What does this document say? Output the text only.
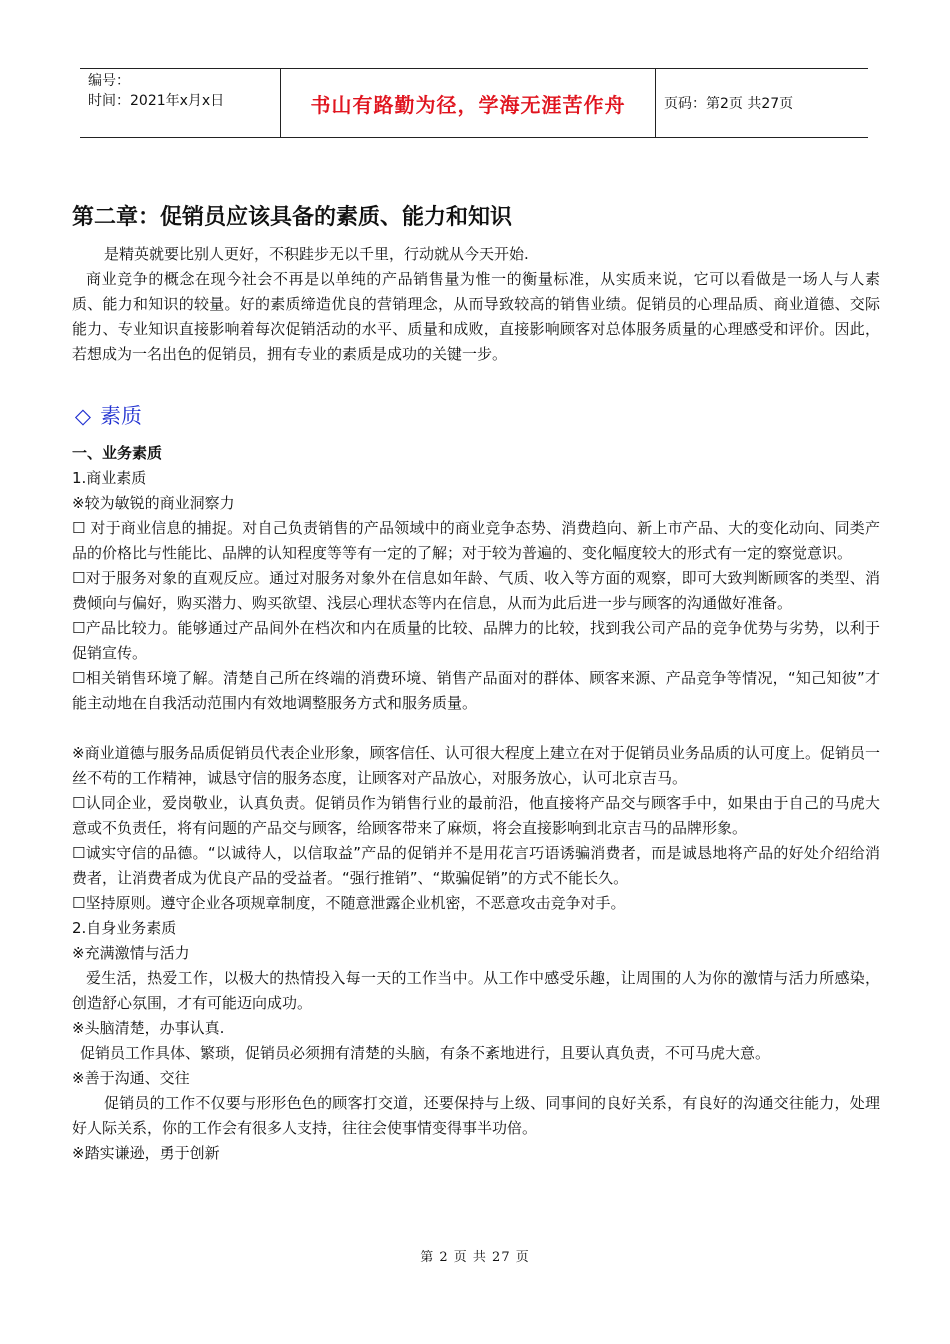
编号：
时间：2021年x月x日	书山有路勤为径，学海无涯苦作舟	页码：第2页 共27页
第二章：促销员应该具备的素质、能力和知识

是精英就要比别人更好，不积跬步无以千里，行动就从今天开始.

商业竞争的概念在现今社会不再是以单纯的产品销售量为惟一的衡量标准，从实质来说，它可以看做是一场人与人素质、能力和知识的较量。好的素质缔造优良的营销理念，从而导致较高的销售业绩。促销员的心理品质、商业道德、交际能力、专业知识直接影响着每次促销活动的水平、质量和成败，直接影响顾客对总体服务质量的心理感受和评价。因此，若想成为一名出色的促销员，拥有专业的素质是成功的关键一步。

◇ 素质

一、业务素质

1.商业素质

※较为敏锐的商业洞察力

☐ 对于商业信息的捕捉。对自己负责销售的产品领域中的商业竞争态势、消费趋向、新上市产品、大的变化动向、同类产品的价格比与性能比、品牌的认知程度等等有一定的了解；对于较为普遍的、变化幅度较大的形式有一定的察觉意识。

☐对于服务对象的直观反应。通过对服务对象外在信息如年龄、气质、收入等方面的观察，即可大致判断顾客的类型、消费倾向与偏好，购买潜力、购买欲望、浅层心理状态等内在信息，从而为此后进一步与顾客的沟通做好准备。

☐产品比较力。能够通过产品间外在档次和内在质量的比较、品牌力的比较，找到我公司产品的竞争优势与劣势，以利于促销宣传。

☐相关销售环境了解。清楚自己所在终端的消费环境、销售产品面对的群体、顾客来源、产品竞争等情况，“知己知彼”才能主动地在自我活动范围内有效地调整服务方式和服务质量。

※商业道德与服务品质促销员代表企业形象，顾客信任、认可很大程度上建立在对于促销员业务品质的认可度上。促销员一丝不苟的工作精神，诚恳守信的服务态度，让顾客对产品放心，对服务放心，认可北京吉马。

☐认同企业，爱岗敬业，认真负责。促销员作为销售行业的最前沿，他直接将产品交与顾客手中，如果由于自己的马虎大意或不负责任，将有问题的产品交与顾客，给顾客带来了麻烦，将会直接影响到北京吉马的品牌形象。

☐诚实守信的品德。“以诚待人，以信取益”产品的促销并不是用花言巧语诱骗消费者，而是诚恳地将产品的好处介绍给消费者，让消费者成为优良产品的受益者。“强行推销”、“欺骗促销”的方式不能长久。

☐坚持原则。遵守企业各项规章制度，不随意泄露企业机密，不恶意攻击竞争对手。

2.自身业务素质

※充满激情与活力

爱生活，热爱工作，以极大的热情投入每一天的工作当中。从工作中感受乐趣，让周围的人为你的激情与活力所感染，创造舒心氛围，才有可能迈向成功。

※头脑清楚，办事认真.

促销员工作具体、繁琐，促销员必须拥有清楚的头脑，有条不紊地进行，且要认真负责，不可马虎大意。

※善于沟通、交往

促销员的工作不仅要与形形色色的顾客打交道，还要保持与上级、同事间的良好关系，有良好的沟通交往能力，处理好人际关系，你的工作会有很多人支持，往往会使事情变得事半功倍。

※踏实谦逊，勇于创新

第 2 页 共 27 页
